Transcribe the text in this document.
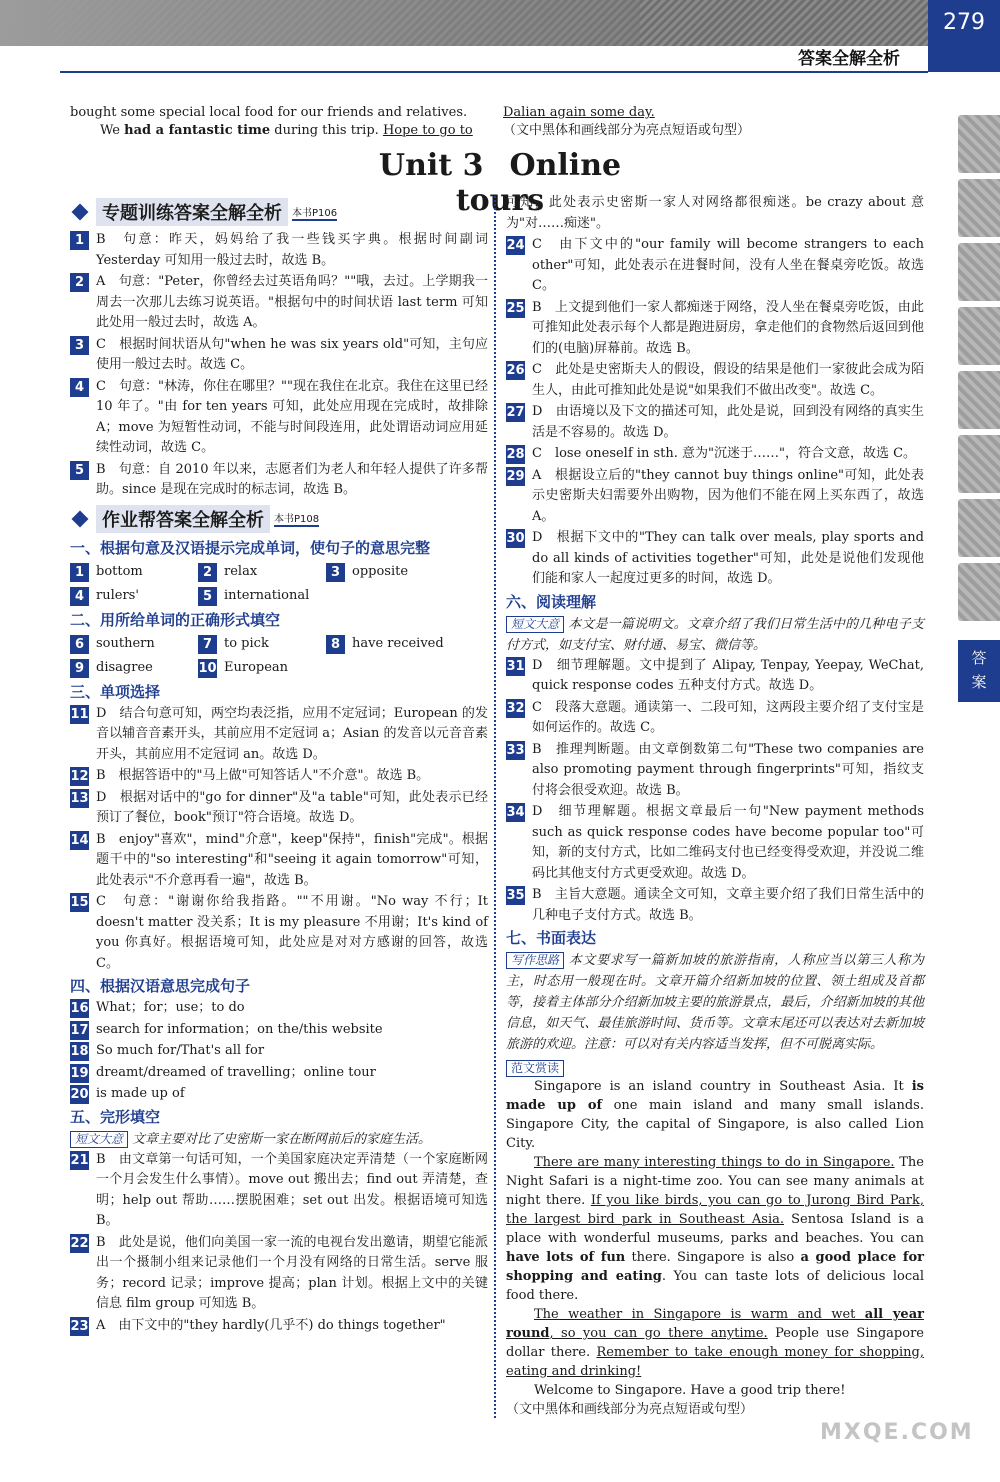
答案全解全析
279
答
案
bought some special local food for our friends and relatives.
We had a fantastic time during this trip. Hope to go to
Dalian again some day.
（文中黑体和画线部分为亮点短语或句型）
Unit 3 Online tours
专题训练答案全解全析	本书P106
1 B　句意：昨天，妈妈给了我一些钱买字典。根据时间副词 Yesterday 可知用一般过去时，故选 B。
2 A　句意："Peter，你曾经去过英语角吗？""哦，去过。上学期我一周去一次那儿去练习说英语。"根据句中的时间状语 last term 可知此处用一般过去时，故选 A。
3 C　根据时间状语从句"when he was six years old"可知，主句应使用一般过去时。故选 C。
4 C　句意："林涛，你住在哪里？""现在我住在北京。我住在这里已经 10 年了。"由 for ten years 可知，此处应用现在完成时，故排除 A；move 为短暂性动词，不能与时间段连用，此处谓语动词应用延续性动词，故选 C。
5 B　句意：自 2010 年以来，志愿者们为老人和年轻人提供了许多帮助。since 是现在完成时的标志词，故选 B。
作业帮答案全解全析	本书P108
一、根据句意及汉语提示完成单词，使句子的意思完整
1 bottom	2 relax	3 opposite
4 rulers'	5 international
二、用所给单词的正确形式填空
6 southern	7 to pick	8 have received
9 disagree	10 European
三、单项选择
11 D　结合句意可知，两空均表泛指，应用不定冠词；European 的发音以辅音音素开头，其前应用不定冠词 a；Asian 的发音以元音音素开头，其前应用不定冠词 an。故选 D。
12 B　根据答语中的"马上做"可知答话人"不介意"。故选 B。
13 D　根据对话中的"go for dinner"及"a table"可知，此处表示已经预订了餐位，book"预订"符合语境。故选 D。
14 B　enjoy"喜欢"，mind"介意"，keep"保持"，finish"完成"。根据题干中的"so interesting"和"seeing it again tomorrow"可知，此处表示"不介意再看一遍"，故选 B。
15 C　句意："谢谢你给我指路。""不用谢。"No way 不行；It doesn't matter 没关系；It is my pleasure 不用谢；It's kind of you 你真好。根据语境可知，此处应是对对方感谢的回答，故选 C。
四、根据汉语意思完成句子
16 What；for；use；to do
17 search for information；on the/this website
18 So much for/That's all for
19 dreamt/dreamed of travelling；online tour
20 is made up of
五、完形填空
短文大意 文章主要对比了史密斯一家在断网前后的家庭生活。
21 B　由文章第一句话可知，一个美国家庭决定弄清楚（一个家庭断网一个月会发生什么事情）。move out 搬出去；find out 弄清楚，查明；help out 帮助……摆脱困难；set out 出发。根据语境可知选 B。
22 B　此处是说，他们向美国一家一流的电视台发出邀请，期望它能派出一个摄制小组来记录他们一个月没有网络的日常生活。serve 服务；record 记录；improve 提高；plan 计划。根据上文中的关键信息 film group 可知选 B。
23 A　由下文中的"they hardly(几乎不) do things together"
可知，此处表示史密斯一家人对网络都很痴迷。be crazy about 意为"对……痴迷"。
24 C　由下文中的"our family will become strangers to each other"可知，此处表示在进餐时间，没有人坐在餐桌旁吃饭。故选 C。
25 B　上文提到他们一家人都痴迷于网络，没人坐在餐桌旁吃饭，由此可推知此处表示每个人都是跑进厨房，拿走他们的食物然后返回到他们的(电脑)屏幕前。故选 B。
26 C　此处是史密斯夫人的假设，假设的结果是他们一家彼此会成为陌生人，由此可推知此处是说"如果我们不做出改变"。故选 C。
27 D　由语境以及下文的描述可知，此处是说，回到没有网络的真实生活是不容易的。故选 D。
28 C　lose oneself in sth. 意为"沉迷于……"，符合文意，故选 C。
29 A　根据设立后的"they cannot buy things online"可知，此处表示史密斯夫妇需要外出购物，因为他们不能在网上买东西了，故选 A。
30 D　根据下文中的"They can talk over meals, play sports and do all kinds of activities together"可知，此处是说他们发现他们能和家人一起度过更多的时间，故选 D。
六、阅读理解
短文大意 本文是一篇说明文。文章介绍了我们日常生活中的几种电子支付方式，如支付宝、财付通、易宝、微信等。
31 D　细节理解题。文中提到了 Alipay, Tenpay, Yeepay, WeChat, quick response codes 五种支付方式。故选 D。
32 C　段落大意题。通读第一、二段可知，这两段主要介绍了支付宝是如何运作的。故选 C。
33 B　推理判断题。由文章倒数第二句"These two companies are also promoting payment through fingerprints"可知，指纹支付将会很受欢迎。故选 B。
34 D　细节理解题。根据文章最后一句"New payment methods such as quick response codes have become popular too"可知，新的支付方式，比如二维码支付也已经变得受欢迎，并没说二维码比其他支付方式更受欢迎。故选 D。
35 B　主旨大意题。通读全文可知，文章主要介绍了我们日常生活中的几种电子支付方式。故选 B。
七、书面表达
写作思路 本文要求写一篇新加坡的旅游指南，人称应当以第三人称为主，时态用一般现在时。文章开篇介绍新加坡的位置、领土组成及首都等，接着主体部分介绍新加坡主要的旅游景点，最后，介绍新加坡的其他信息，如天气、最佳旅游时间、货币等。文章末尾还可以表达对去新加坡旅游的欢迎。注意：可以对有关内容适当发挥，但不可脱离实际。
范文赏读

Singapore is an island country in Southeast Asia. It is made up of one main island and many small islands. Singapore City, the capital of Singapore, is also called Lion City.

There are many interesting things to do in Singapore. The Night Safari is a night-time zoo. You can see many animals at night there. If you like birds, you can go to Jurong Bird Park, the largest bird park in Southeast Asia. Sentosa Island is a place with wonderful museums, parks and beaches. You can have lots of fun there. Singapore is also a good place for shopping and eating. You can taste lots of delicious local food there.

The weather in Singapore is warm and wet all year round, so you can go there anytime. People use Singapore dollar there. Remember to take enough money for shopping, eating and drinking!

Welcome to Singapore. Have a good trip there!

（文中黑体和画线部分为亮点短语或句型）
MXQE.COM
